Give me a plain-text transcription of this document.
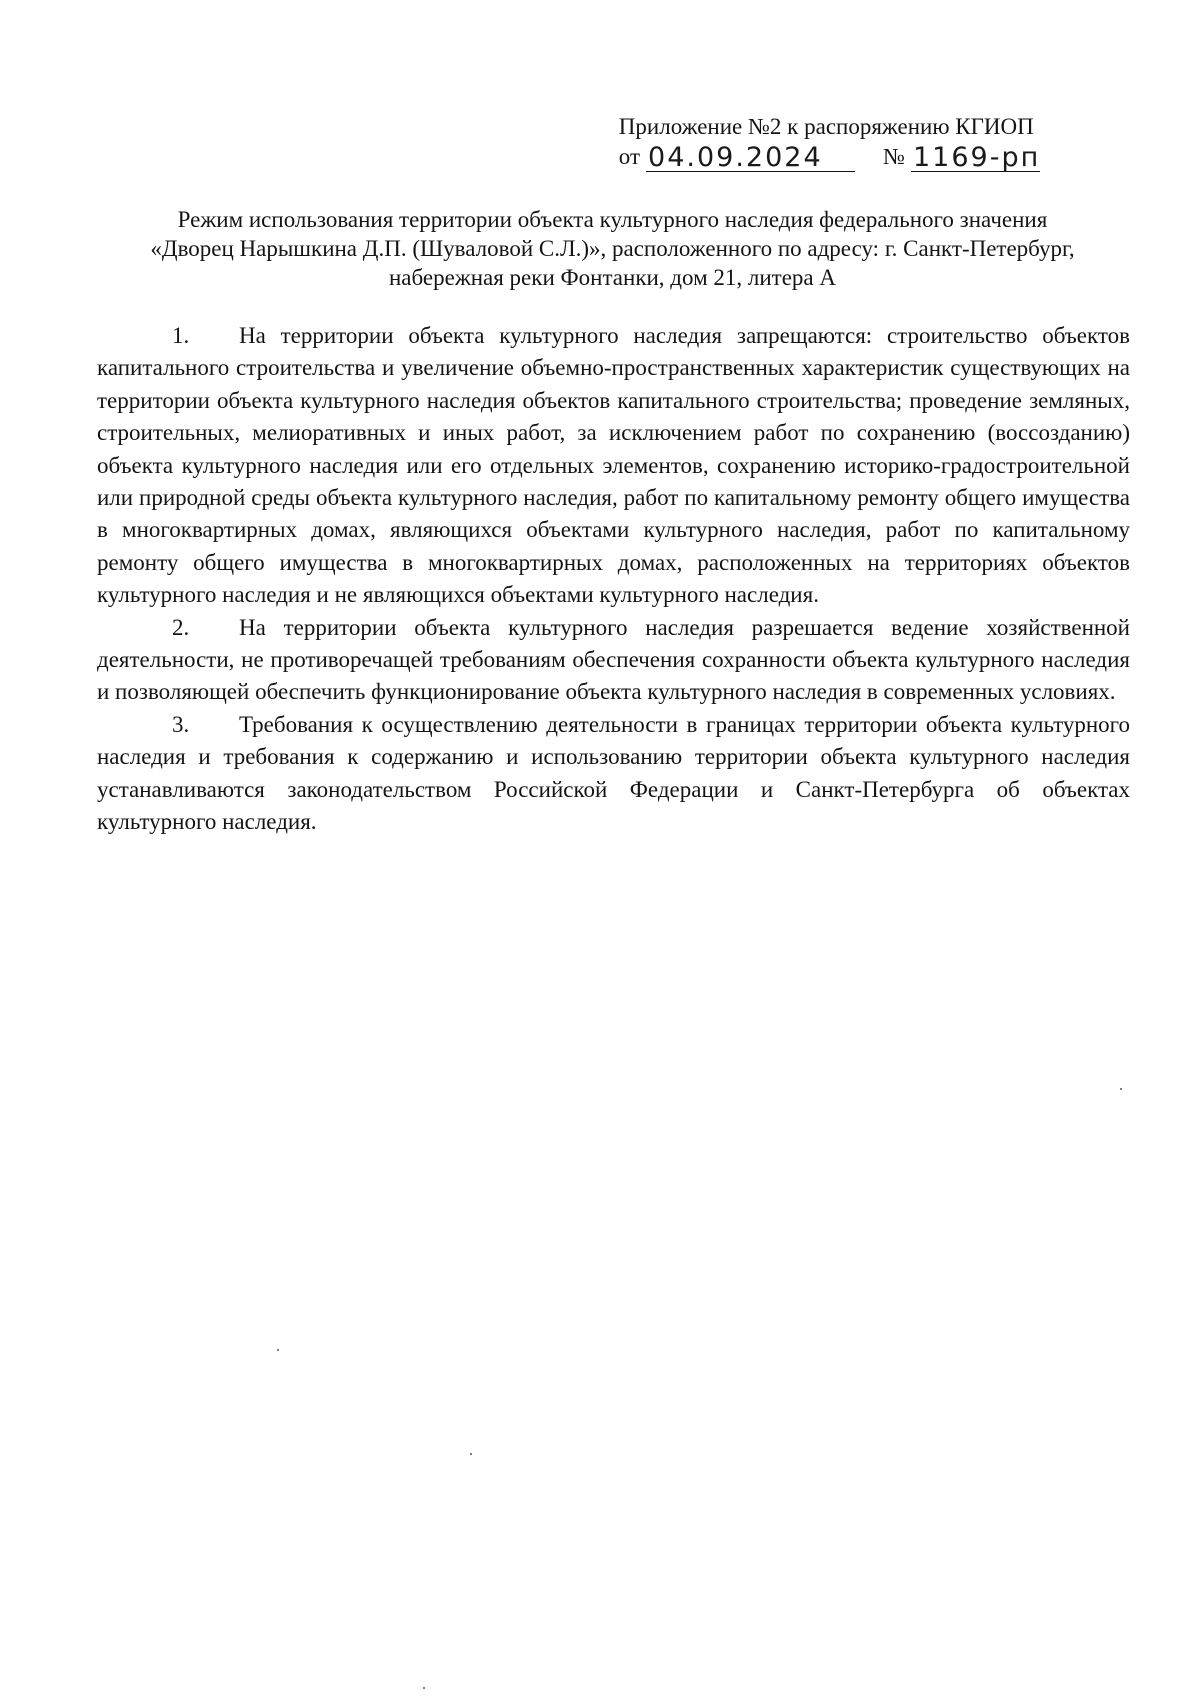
Приложение №2 к распоряжению КГИОП
от 04.09.2024	№ 1169-рп
Режим использования территории объекта культурного наследия федерального значения
«Дворец Нарышкина Д.П. (Шуваловой С.Л.)», расположенного по адресу: г. Санкт-Петербург,
набережная реки Фонтанки, дом 21, литера А

1. На территории объекта культурного наследия запрещаются: строительство объектов капитального строительства и увеличение объемно-пространственных характеристик существующих на территории объекта культурного наследия объектов капитального строительства; проведение земляных, строительных, мелиоративных и иных работ, за исключением работ по сохранению (воссозданию) объекта культурного наследия или его отдельных элементов, сохранению историко-градостроительной или природной среды объекта культурного наследия, работ по капитальному ремонту общего имущества в многоквартирных домах, являющихся объектами культурного наследия, работ по капитальному ремонту общего имущества в многоквартирных домах, расположенных на территориях объектов культурного наследия и не являющихся объектами культурного наследия.

2. На территории объекта культурного наследия разрешается ведение хозяйственной деятельности, не противоречащей требованиям обеспечения сохранности объекта культурного наследия и позволяющей обеспечить функционирование объекта культурного наследия в современных условиях.

3. Требования к осуществлению деятельности в границах территории объекта культурного наследия и требования к содержанию и использованию территории объекта культурного наследия устанавливаются законодательством Российской Федерации и Санкт-Петербурга об объектах культурного наследия.
